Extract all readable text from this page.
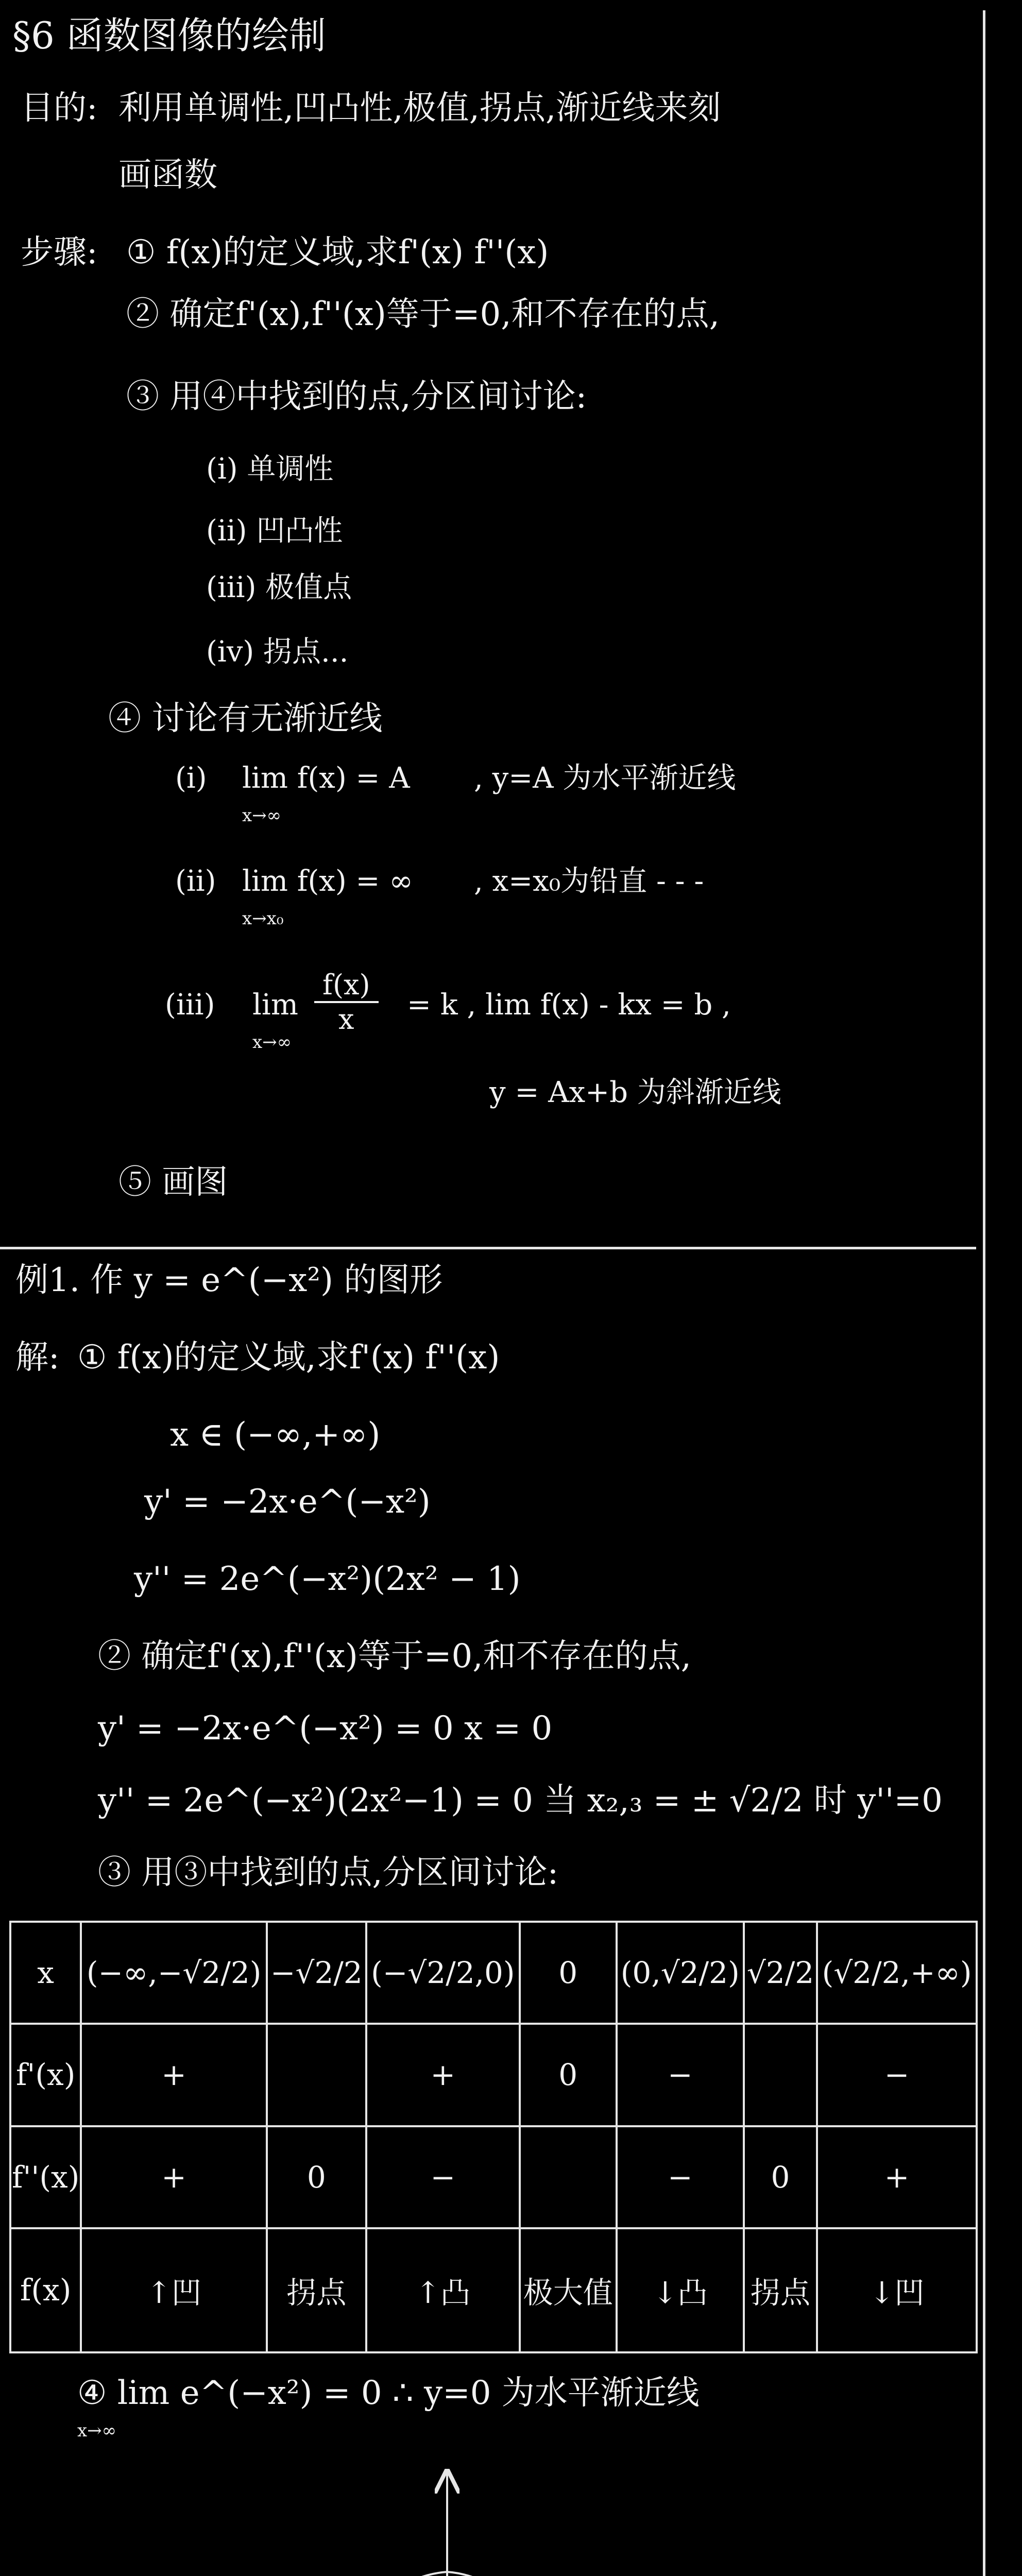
§6 函数图像的绘制
目的: 利用单调性,凹凸性,极值,拐点,渐近线来刻
画函数
步骤: ① f(x)的定义域,求f'(x) f''(x)
② 确定f'(x),f''(x)等于=0,和不存在的点,
③ 用④中找到的点,分区间讨论:
(i) 单调性
(ii) 凹凸性
(iii) 极值点
(iv) 拐点...
④ 讨论有无渐近线
(i) lim f(x) = A
x→∞
, y=A 为水平渐近线
(ii) lim f(x) = ∞
x→x₀
, x=x₀为铅直 - - -
(iii) lim
x→∞
$\frac{f(x)}{x} = k$ , lim f(x) - kx = b ,
y = Ax+b 为斜渐近线
⑤ 画图
例1. 作 y = e^(−x²) 的图形
解: ① f(x)的定义域,求f'(x) f''(x)
x ∈ (−∞,+∞)
y' = −2x·e^(−x²)
y'' = 2e^(−x²)(2x² − 1)
② 确定f'(x),f''(x)等于=0,和不存在的点,
y' = −2x·e^(−x²) = 0 x = 0
y'' = 2e^(−x²)(2x²−1) = 0 当 x₂,₃ = ± √2/2 时 y''=0
③ 用③中找到的点,分区间讨论:
x	(−∞,−√2/2)	−√2/2	(−√2/2,0)	0	(0,√2/2)	√2/2	(√2/2,+∞)
f'(x)	+		+	0	−		−
f''(x)	+	0	−		−	0	+
f(x)	↑凹	拐点	↑凸	极大值	↓凸	拐点	↓凹
④ lim e^(−x²) = 0 ∴ y=0 为水平渐近线
x→∞
